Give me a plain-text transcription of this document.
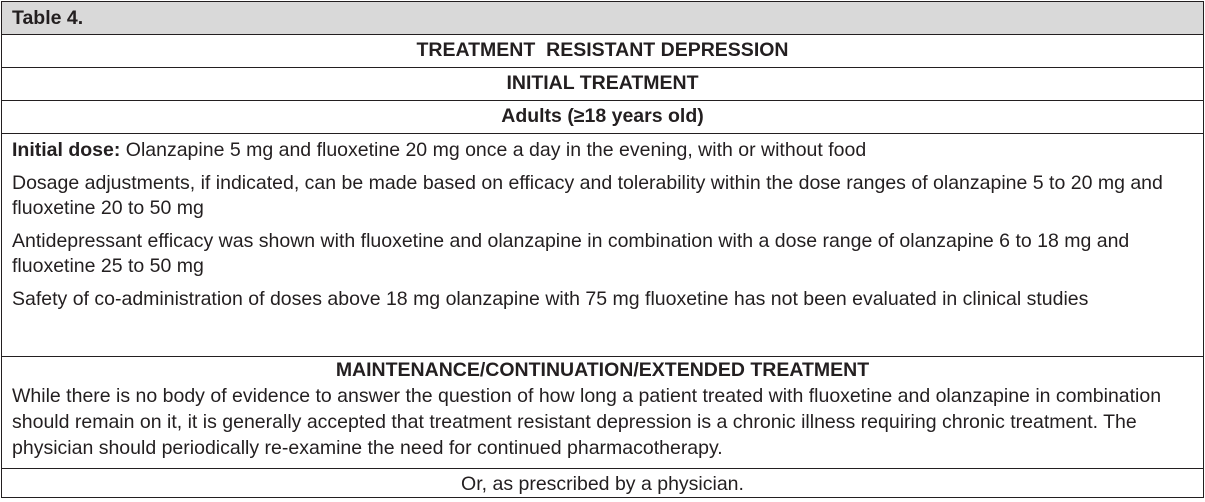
Table 4.
TREATMENT  RESISTANT DEPRESSION
INITIAL TREATMENT
Adults (≥18 years old)

Initial dose: Olanzapine 5 mg and fluoxetine 20 mg once a day in the evening, with or without food

Dosage adjustments, if indicated, can be made based on efficacy and tolerability within the dose ranges of olanzapine 5 to 20 mg and fluoxetine 20 to 50 mg

Antidepressant efficacy was shown with fluoxetine and olanzapine in combination with a dose range of olanzapine 6 to 18 mg and fluoxetine 25 to 50 mg

Safety of co-administration of doses above 18 mg olanzapine with 75 mg fluoxetine has not been evaluated in clinical studies

MAINTENANCE/CONTINUATION/EXTENDED TREATMENT
While there is no body of evidence to answer the question of how long a patient treated with fluoxetine and olanzapine in combination should remain on it, it is generally accepted that treatment resistant depression is a chronic illness requiring chronic treatment. The physician should periodically re-examine the need for continued pharmacotherapy.
Or, as prescribed by a physician.
